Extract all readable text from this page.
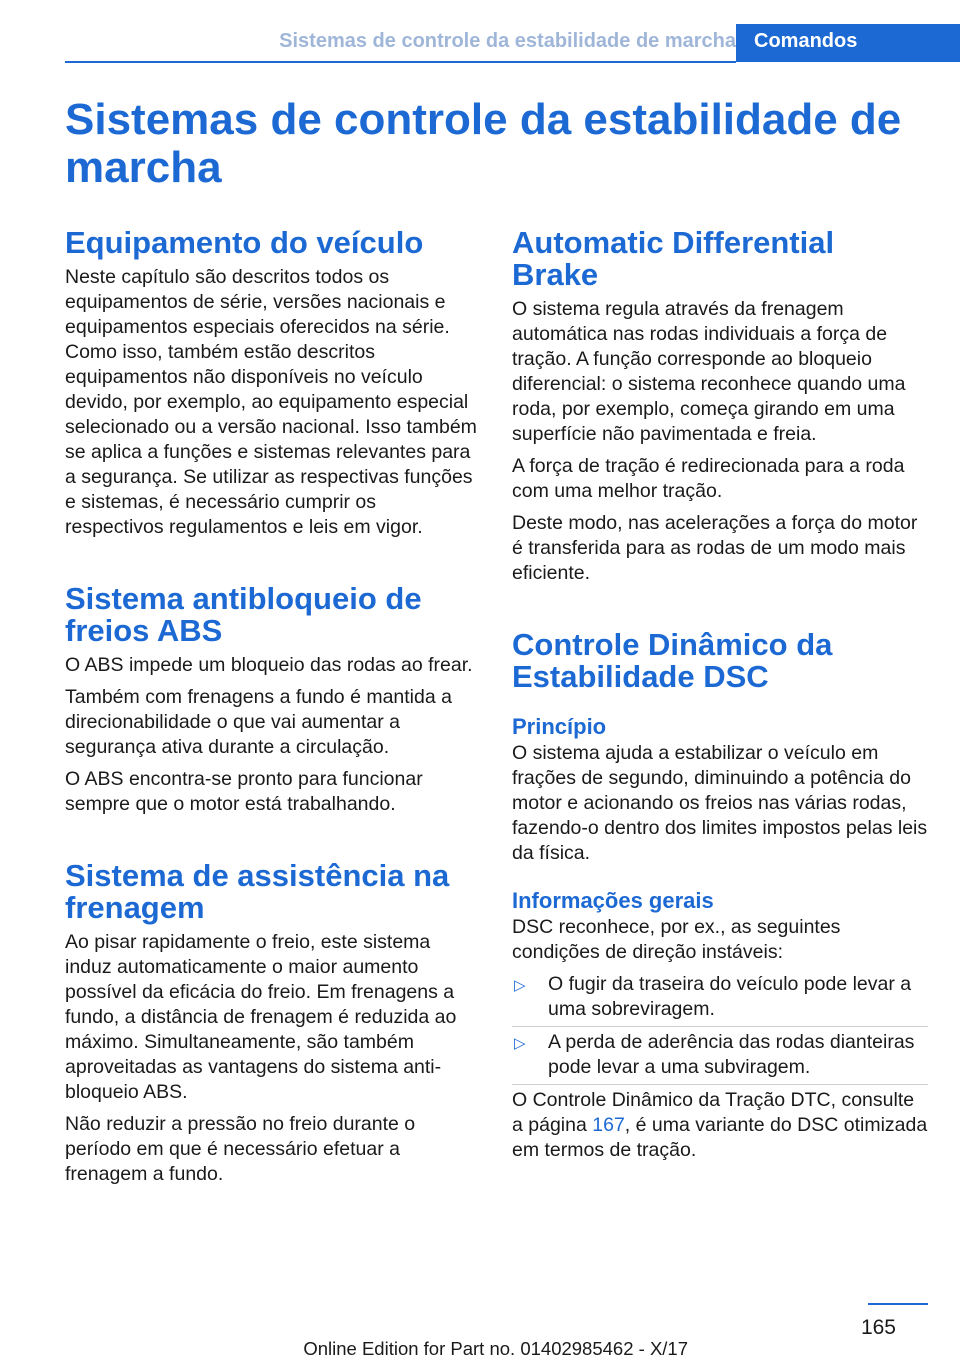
Sistemas de controle da estabilidade de marcha Comandos
Sistemas de controle da estabilidade de marcha
Equipamento do veículo

Neste capítulo são descritos todos os equipamentos de série, versões nacionais e equipamentos especiais oferecidos na série. Como isso, também estão descritos equipamentos não disponíveis no veículo devido, por exemplo, ao equipamento especial selecionado ou a versão nacional. Isso também se aplica a funções e sistemas relevantes para a segurança. Se utilizar as respectivas funções e sistemas, é necessário cumprir os respectivos regulamentos e leis em vigor.

Sistema antibloqueio de freios ABS

O ABS impede um bloqueio das rodas ao frear.

Também com frenagens a fundo é mantida a direcionabilidade o que vai aumentar a segurança ativa durante a circulação.

O ABS encontra-se pronto para funcionar sempre que o motor está trabalhando.

Sistema de assistência na frenagem

Ao pisar rapidamente o freio, este sistema induz automaticamente o maior aumento possível da eficácia do freio. Em frenagens a fundo, a distância de frenagem é reduzida ao máximo. Simultaneamente, são também aproveitadas as vantagens do sistema anti-bloqueio ABS.

Não reduzir a pressão no freio durante o período em que é necessário efetuar a frenagem a fundo.

Automatic Differential Brake

O sistema regula através da frenagem automática nas rodas individuais a força de tração. A função corresponde ao bloqueio diferencial: o sistema reconhece quando uma roda, por exemplo, começa girando em uma superfície não pavimentada e freia.

A força de tração é redirecionada para a roda com uma melhor tração.

Deste modo, nas acelerações a força do motor é transferida para as rodas de um modo mais eficiente.

Controle Dinâmico da Estabilidade DSC
Princípio

O sistema ajuda a estabilizar o veículo em frações de segundo, diminuindo a potência do motor e acionando os freios nas várias rodas, fazendo-o dentro dos limites impostos pelas leis da física.

Informações gerais

DSC reconhece, por ex., as seguintes condições de direção instáveis:

▷ O fugir da traseira do veículo pode levar a uma sobreviragem.
▷ A perda de aderência das rodas dianteiras pode levar a uma subviragem.

O Controle Dinâmico da Tração DTC, consulte a página 167, é uma variante do DSC otimizada em termos de tração.

165
Online Edition for Part no. 01402985462 - X/17
